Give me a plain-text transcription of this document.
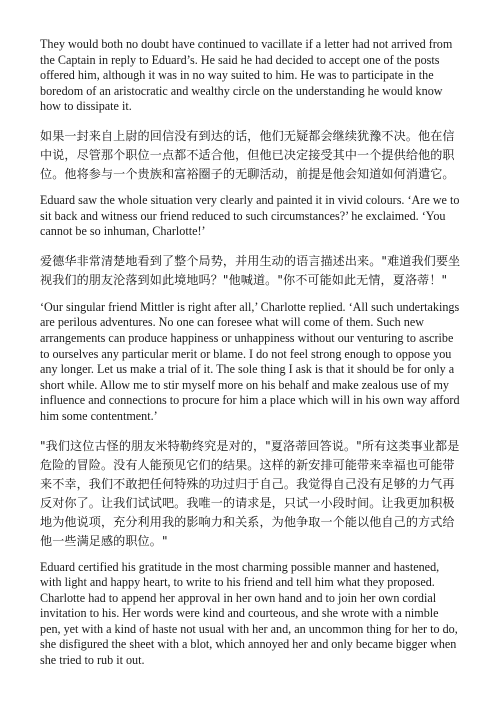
They would both no doubt have continued to vacillate if a letter had not arrived from the Captain in reply to Eduard’s. He said he had decided to accept one of the posts offered him, although it was in no way suited to him. He was to participate in the boredom of an aristocratic and wealthy circle on the understanding he would know how to dissipate it.

如果一封来自上尉的回信没有到达的话，他们无疑都会继续犹豫不决。他在信中说，尽管那个职位一点都不适合他，但他已决定接受其中一个提供给他的职位。他将参与一个贵族和富裕圈子的无聊活动，前提是他会知道如何消遣它。

Eduard saw the whole situation very clearly and painted it in vivid colours. ‘Are we to sit back and witness our friend reduced to such circumstances?’ he exclaimed. ‘You cannot be so inhuman, Charlotte!’

爱德华非常清楚地看到了整个局势，并用生动的语言描述出来。"难道我们要坐视我们的朋友沦落到如此境地吗？"他喊道。"你不可能如此无情，夏洛蒂！"

‘Our singular friend Mittler is right after all,’ Charlotte replied. ‘All such undertakings are perilous adventures. No one can foresee what will come of them. Such new arrangements can produce happiness or unhappiness without our venturing to ascribe to ourselves any particular merit or blame. I do not feel strong enough to oppose you any longer. Let us make a trial of it. The sole thing I ask is that it should be for only a short while. Allow me to stir myself more on his behalf and make zealous use of my influence and connections to procure for him a place which will in his own way afford him some contentment.’

"我们这位古怪的朋友米特勒终究是对的，"夏洛蒂回答说。"所有这类事业都是危险的冒险。没有人能预见它们的结果。这样的新安排可能带来幸福也可能带来不幸，我们不敢把任何特殊的功过归于自己。我觉得自己没有足够的力气再反对你了。让我们试试吧。我唯一的请求是，只试一小段时间。让我更加积极地为他说项，充分利用我的影响力和关系，为他争取一个能以他自己的方式给他一些满足感的职位。"

Eduard certified his gratitude in the most charming possible manner and hastened, with light and happy heart, to write to his friend and tell him what they proposed. Charlotte had to append her approval in her own hand and to join her own cordial invitation to his. Her words were kind and courteous, and she wrote with a nimble pen, yet with a kind of haste not usual with her and, an uncommon thing for her to do, she disfigured the sheet with a blot, which annoyed her and only became bigger when she tried to rub it out.
